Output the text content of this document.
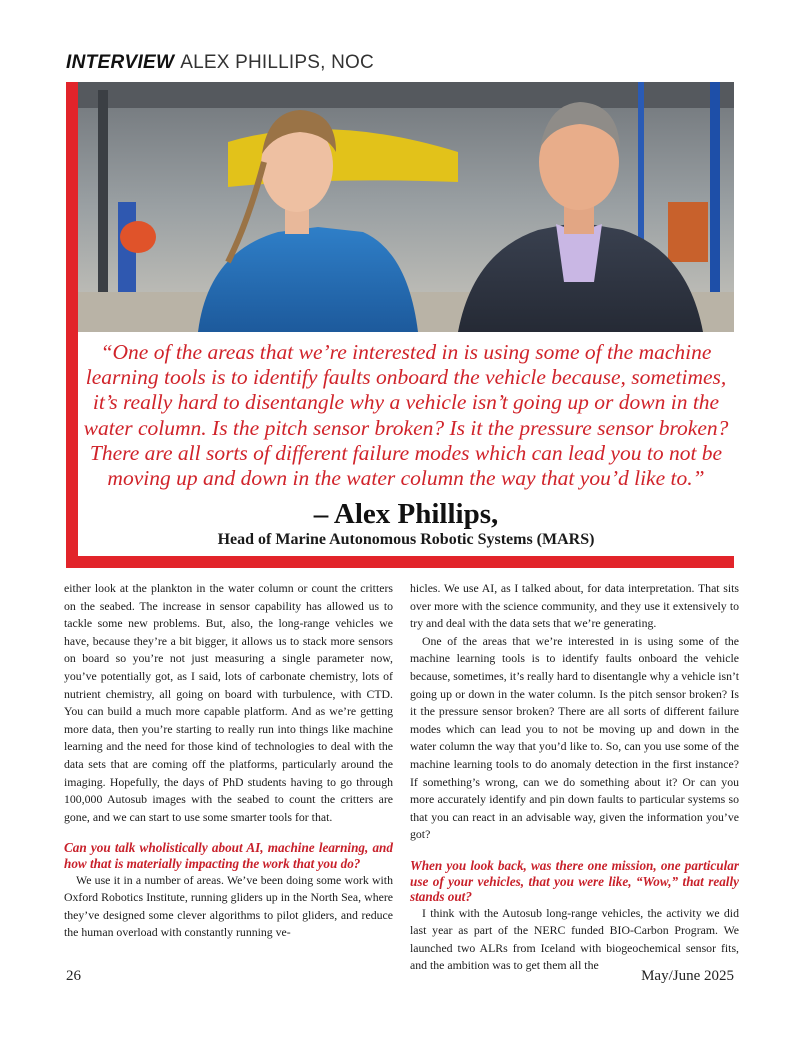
INTERVIEW ALEX PHILLIPS, NOC
“One of the areas that we’re interested in is using some of the machine
learning tools is to identify faults onboard the vehicle because, sometimes,
it’s really hard to disentangle why a vehicle isn’t going up or down in the
water column. Is the pitch sensor broken? Is it the pressure sensor broken?
There are all sorts of different failure modes which can lead you to not be
moving up and down in the water column the way that you’d like to.”
– Alex Phillips,
Head of Marine Autonomous Robotic Systems (MARS)

either look at the plankton in the water column or count the critters on the seabed. The increase in sensor capability has allowed us to tackle some new problems. But, also, the long-range vehicles we have, because they’re a bit bigger, it allows us to stack more sensors on board so you’re not just measuring a single parameter now, you’ve potentially got, as I said, lots of carbonate chemistry, lots of nutrient chemistry, all going on board with turbulence, with CTD. You can build a much more capable platform. And as we’re getting more data, then you’re starting to really run into things like machine learning and the need for those kind of technologies to deal with the data sets that are coming off the platforms, particularly around the imaging. Hopefully, the days of PhD students having to go through 100,000 Autosub images with the seabed to count the critters are gone, and we can start to use some smarter tools for that.

Can you talk wholistically about AI, machine learning, and how that is materially impacting the work that you do?

We use it in a number of areas. We’ve been doing some work with Oxford Robotics Institute, running gliders up in the North Sea, where they’ve designed some clever algorithms to pilot gliders, and reduce the human overload with constantly running ve-

hicles. We use AI, as I talked about, for data interpretation. That sits over more with the science community, and they use it extensively to try and deal with the data sets that we’re generating.

One of the areas that we’re interested in is using some of the machine learning tools is to identify faults onboard the vehicle because, sometimes, it’s really hard to disentangle why a vehicle isn’t going up or down in the water column. Is the pitch sensor broken? Is it the pressure sensor broken? There are all sorts of different failure modes which can lead you to not be moving up and down in the water column the way that you’d like to. So, can you use some of the machine learning tools to do anomaly detection in the first instance? If something’s wrong, can we do something about it? Or can you more accurately identify and pin down faults to particular systems so that you can react in an advisable way, given the information you’ve got?

When you look back, was there one mission, one particular use of your vehicles, that you were like, “Wow,” that really stands out?

I think with the Autosub long-range vehicles, the activity we did last year as part of the NERC funded BIO-Carbon Program. We launched two ALRs from Iceland with biogeochemical sensor fits, and the ambition was to get them all the

26	May/June 2025
